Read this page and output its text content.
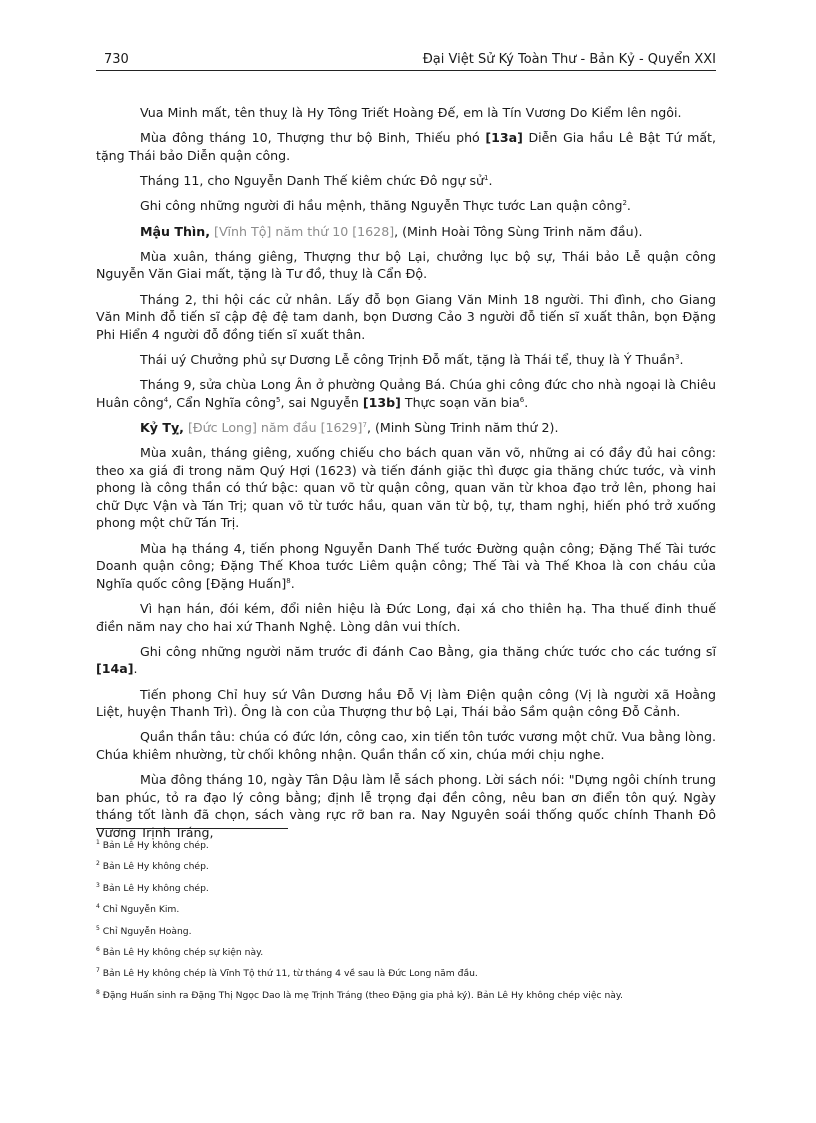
730	Đại Việt Sử Ký Toàn Thư - Bản Kỷ - Quyển XXI

Vua Minh mất, tên thuỵ là Hy Tông Triết Hoàng Đế, em là Tín Vương Do Kiểm lên ngôi.

Mùa đông tháng 10, Thượng thư bộ Binh, Thiếu phó [13a] Diễn Gia hầu Lê Bật Tứ mất, tặng Thái bảo Diễn quận công.

Tháng 11, cho Nguyễn Danh Thế kiêm chức Đô ngự sử$^1$.

Ghi công những người đi hầu mệnh, thăng Nguyễn Thực tước Lan quận công$^2$.

Mậu Thìn, [Vĩnh Tộ] năm thứ 10 [1628], (Minh Hoài Tông Sùng Trinh năm đầu).

Mùa xuân, tháng giêng, Thượng thư bộ Lại, chưởng lục bộ sự, Thái bảo Lễ quận công Nguyễn Văn Giai mất, tặng là Tư đồ, thuỵ là Cẩn Độ.

Tháng 2, thi hội các cử nhân. Lấy đỗ bọn Giang Văn Minh 18 người. Thi đình, cho Giang Văn Minh đỗ tiến sĩ cập đệ đệ tam danh, bọn Dương Cảo 3 người đỗ tiến sĩ xuất thân, bọn Đặng Phi Hiển 4 người đỗ đồng tiến sĩ xuất thân.

Thái uý Chưởng phủ sự Dương Lễ công Trịnh Đỗ mất, tặng là Thái tể, thuỵ là Ý Thuần$^3$.

Tháng 9, sửa chùa Long Ân ở phường Quảng Bá. Chúa ghi công đức cho nhà ngoại là Chiêu Huân công$^4$, Cẩn Nghĩa công$^5$, sai Nguyễn [13b] Thực soạn văn bia$^6$.

Kỷ Tỵ, [Đức Long] năm đầu $[1629]^7$, (Minh Sùng Trinh năm thứ 2).

Mùa xuân, tháng giêng, xuống chiếu cho bách quan văn võ, những ai có đầy đủ hai công: theo xa giá đi trong năm Quý Hợi (1623) và tiến đánh giặc thì được gia thăng chức tước, và vinh phong là công thần có thứ bậc: quan võ từ quận công, quan văn từ khoa đạo trở lên, phong hai chữ Dực Vận và Tán Trị; quan võ từ tước hầu, quan văn từ bộ, tự, tham nghị, hiến phó trở xuống phong một chữ Tán Trị.

Mùa hạ tháng 4, tiến phong Nguyễn Danh Thế tước Đường quận công; Đặng Thế Tài tước Doanh quận công; Đặng Thế Khoa tước Liêm quận công; Thế Tài và Thế Khoa là con cháu của Nghĩa quốc công [Đặng Huấn]$^8$.

Vì hạn hán, đói kém, đổi niên hiệu là Đức Long, đại xá cho thiên hạ. Tha thuế đinh thuế điền năm nay cho hai xứ Thanh Nghệ. Lòng dân vui thích.

Ghi công những người năm trước đi đánh Cao Bằng, gia thăng chức tước cho các tướng sĩ [14a].

Tiến phong Chỉ huy sứ Vân Dương hầu Đỗ Vị làm Điện quận công (Vị là người xã Hoằng Liệt, huyện Thanh Trì). Ông là con của Thượng thư bộ Lại, Thái bảo Sầm quận công Đỗ Cảnh.

Quần thần tâu: chúa có đức lớn, công cao, xin tiến tôn tước vương một chữ. Vua bằng lòng. Chúa khiêm nhường, từ chối không nhận. Quần thần cố xin, chúa mới chịu nghe.

Mùa đông tháng 10, ngày Tân Dậu làm lễ sách phong. Lời sách nói: "Dựng ngôi chính trung ban phúc, tỏ ra đạo lý công bằng; định lễ trọng đại đền công, nêu ban ơn điển tôn quý. Ngày tháng tốt lành đã chọn, sách vàng rực rỡ ban ra. Nay Nguyên soái thống quốc chính Thanh Đô Vương Trịnh Tráng,

$^1$ Bản Lê Hy không chép.
$^2$ Bản Lê Hy không chép.
$^3$ Bản Lê Hy không chép.
$^4$ Chỉ Nguyễn Kim.
$^5$ Chỉ Nguyễn Hoàng.
$^6$ Bản Lê Hy không chép sự kiện này.
$^7$ Bản Lê Hy không chép là Vĩnh Tộ thứ 11, từ tháng 4 về sau là Đức Long năm đầu.
$^8$ Đặng Huấn sinh ra Đặng Thị Ngọc Dao là mẹ Trịnh Tráng (theo Đặng gia phả ký). Bản Lê Hy không chép việc này.
